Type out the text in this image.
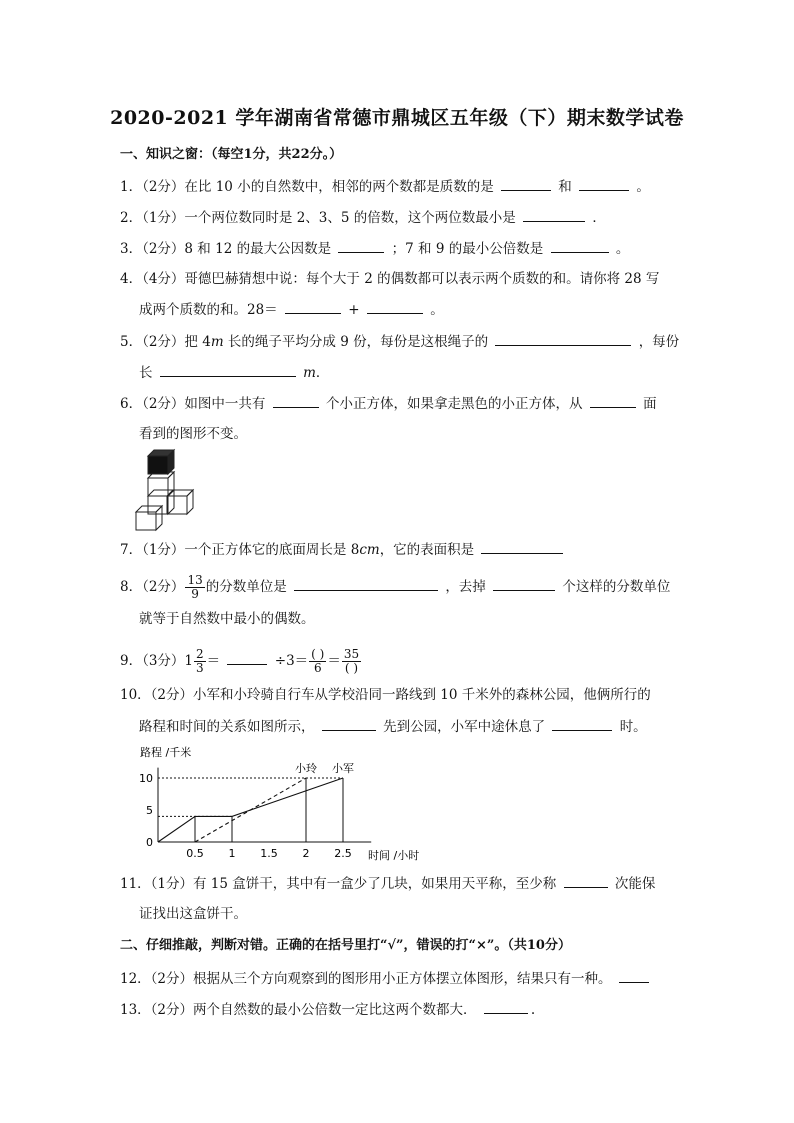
2020-2021 学年湖南省常德市鼎城区五年级（下）期末数学试卷
一、知识之窗：（每空1分，共22分。）
1．（2分）在比 10 小的自然数中，相邻的两个数都是质数的是	和	。
2．（1分）一个两位数同时是 2、3、5 的倍数，这个两位数最小是	．
3．（2分）8 和 12 的最大公因数是	；7 和 9 的最小公倍数是	。
4．（4分）哥德巴赫猜想中说：每个大于 2 的偶数都可以表示两个质数的和。请你将 28 写
成两个质数的和。28＝	+	。
5．（2分）把 4m 长的绳子平均分成 9 份，每份是这根绳子的	，每份
长	m．
6．（2分）如图中一共有	个小正方体，如果拿走黑色的小正方体，从	面
看到的图形不变。
7．（1分）一个正方体它的底面周长是 8cm，它的表面积是
8．（2分） $\frac{13}{9}$ 的分数单位是	，去掉	个这样的分数单位
就等于自然数中最小的偶数。
9．（3分）$1 \frac{2}{3}$ ＝	$\div 3= \frac{( )}{6} = \frac{35}{( )}$
10．（2分）小军和小玲骑自行车从学校沿同一路线到 10 千米外的森林公园，他俩所行的
路程和时间的关系如图所示，	先到公园，小军中途休息了	时。
路程 /千米
时间 /小时
0
5
10
0.5 1 1.5 2 2.5
小玲 小军
11．（1分）有 15 盒饼干，其中有一盒少了几块，如果用天平称，至少称	次能保
证找出这盒饼干。
二、仔细推敲，判断对错。正确的在括号里打“√”，错误的打“×”。（共10分）
12．（2分）根据从三个方向观察到的图形用小正方体摆立体图形，结果只有一种。
13．（2分）两个自然数的最小公倍数一定比这两个数都大．	.
